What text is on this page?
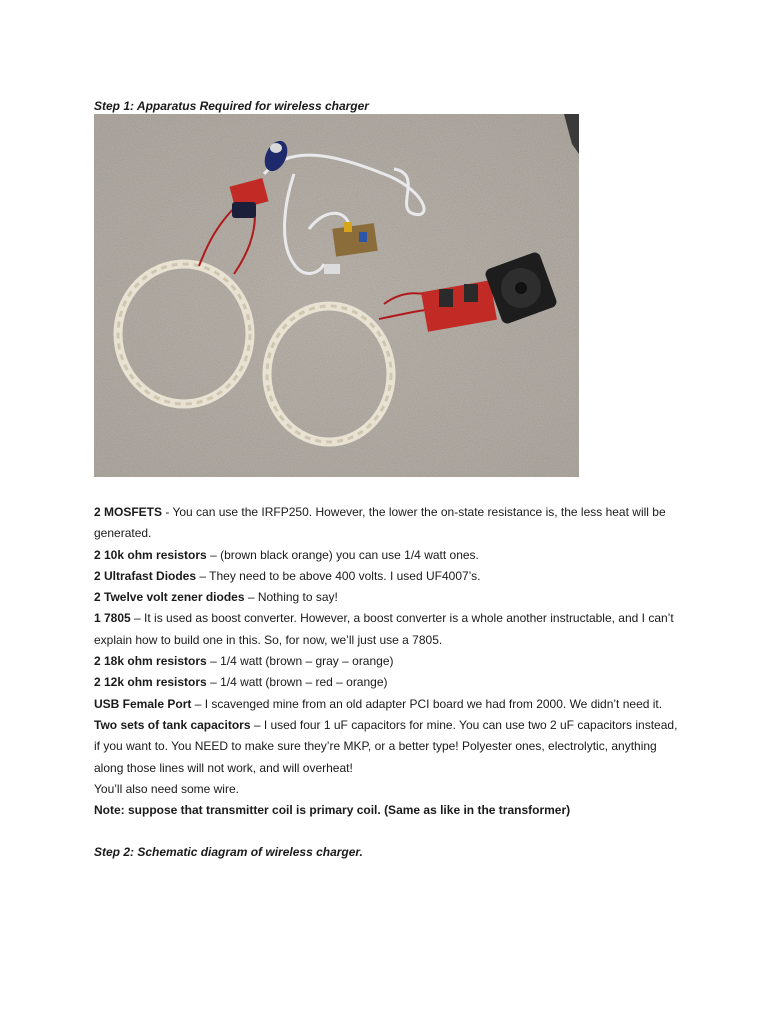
Step 1: Apparatus Required for wireless charger

2 MOSFETS - You can use the IRFP250. However, the lower the on-state resistance is, the less heat will be generated.

2 10k ohm resistors – (brown black orange) you can use 1/4 watt ones.

2 Ultrafast Diodes – They need to be above 400 volts. I used UF4007’s.

2 Twelve volt zener diodes – Nothing to say!

1 7805 – It is used as boost converter. However, a boost converter is a whole another instructable, and I can’t explain how to build one in this. So, for now, we’ll just use a 7805.

2 18k ohm resistors – 1/4 watt (brown – gray – orange)

2 12k ohm resistors – 1/4 watt (brown – red – orange)

USB Female Port – I scavenged mine from an old adapter PCI board we had from 2000. We didn’t need it.

Two sets of tank capacitors – I used four 1 uF capacitors for mine. You can use two 2 uF capacitors instead, if you want to. You NEED to make sure they’re MKP, or a better type! Polyester ones, electrolytic, anything along those lines will not work, and will overheat!

You’ll also need some wire.

Note: suppose that transmitter coil is primary coil. (Same as like in the transformer)

Step 2: Schematic diagram of wireless charger.
